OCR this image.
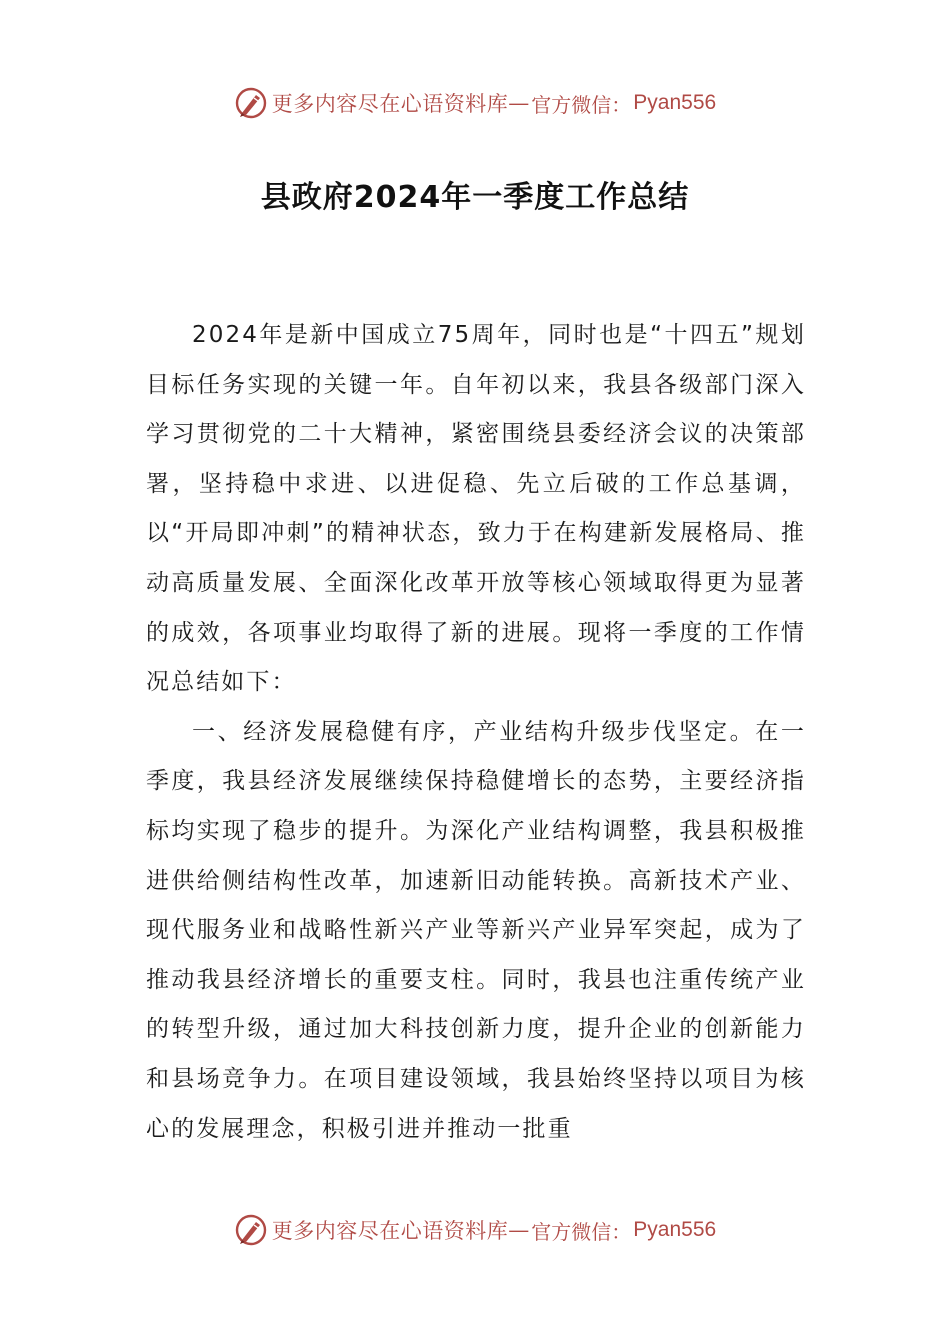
更多内容尽在心语资料库 — 官方微信： Pyan556
县政府2024年一季度工作总结

2024年是新中国成立75周年，同时也是“十四五”规划目标任务实现的关键一年。自年初以来，我县各级部门深入学习贯彻党的二十大精神，紧密围绕县委经济会议的决策部署，坚持稳中求进、以进促稳、先立后破的工作总基调，以“开局即冲刺”的精神状态，致力于在构建新发展格局、推动高质量发展、全面深化改革开放等核心领域取得更为显著的成效，各项事业均取得了新的进展。现将一季度的工作情况总结如下：

一、经济发展稳健有序，产业结构升级步伐坚定。在一季度，我县经济发展继续保持稳健增长的态势，主要经济指标均实现了稳步的提升。为深化产业结构调整，我县积极推进供给侧结构性改革，加速新旧动能转换。高新技术产业、现代服务业和战略性新兴产业等新兴产业异军突起，成为了推动我县经济增长的重要支柱。同时，我县也注重传统产业的转型升级，通过加大科技创新力度，提升企业的创新能力和县场竞争力。在项目建设领域，我县始终坚持以项目为核心的发展理念，积极引进并推动一批重

更多内容尽在心语资料库 — 官方微信： Pyan556
